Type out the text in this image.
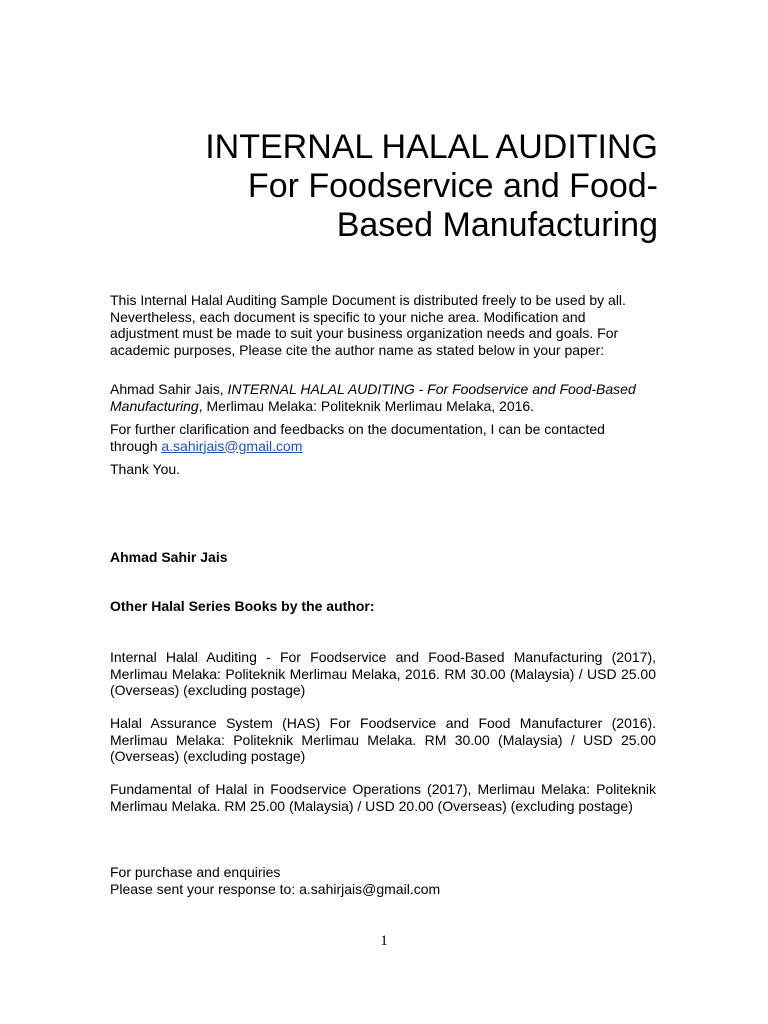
INTERNAL HALAL AUDITING
For Foodservice and Food-
Based Manufacturing

This Internal Halal Auditing Sample Document is distributed freely to be used by all. Nevertheless, each document is specific to your niche area. Modification and adjustment must be made to suit your business organization needs and goals. For academic purposes, Please cite the author name as stated below in your paper:

Ahmad Sahir Jais, INTERNAL HALAL AUDITING - For Foodservice and Food-Based Manufacturing, Merlimau Melaka: Politeknik Merlimau Melaka, 2016.

For further clarification and feedbacks on the documentation, I can be contacted through a.sahirjais@gmail.com

Thank You.

Ahmad Sahir Jais

Other Halal Series Books by the author:

Internal Halal Auditing - For Foodservice and Food-Based Manufacturing (2017), Merlimau Melaka: Politeknik Merlimau Melaka, 2016. RM 30.00 (Malaysia) / USD 25.00 (Overseas) (excluding postage)

Halal Assurance System (HAS) For Foodservice and Food Manufacturer (2016). Merlimau Melaka: Politeknik Merlimau Melaka. RM 30.00 (Malaysia) / USD 25.00 (Overseas) (excluding postage)

Fundamental of Halal in Foodservice Operations (2017), Merlimau Melaka: Politeknik Merlimau Melaka. RM 25.00 (Malaysia) / USD 20.00 (Overseas) (excluding postage)

For purchase and enquiries

Please sent your response to: a.sahirjais@gmail.com

1
